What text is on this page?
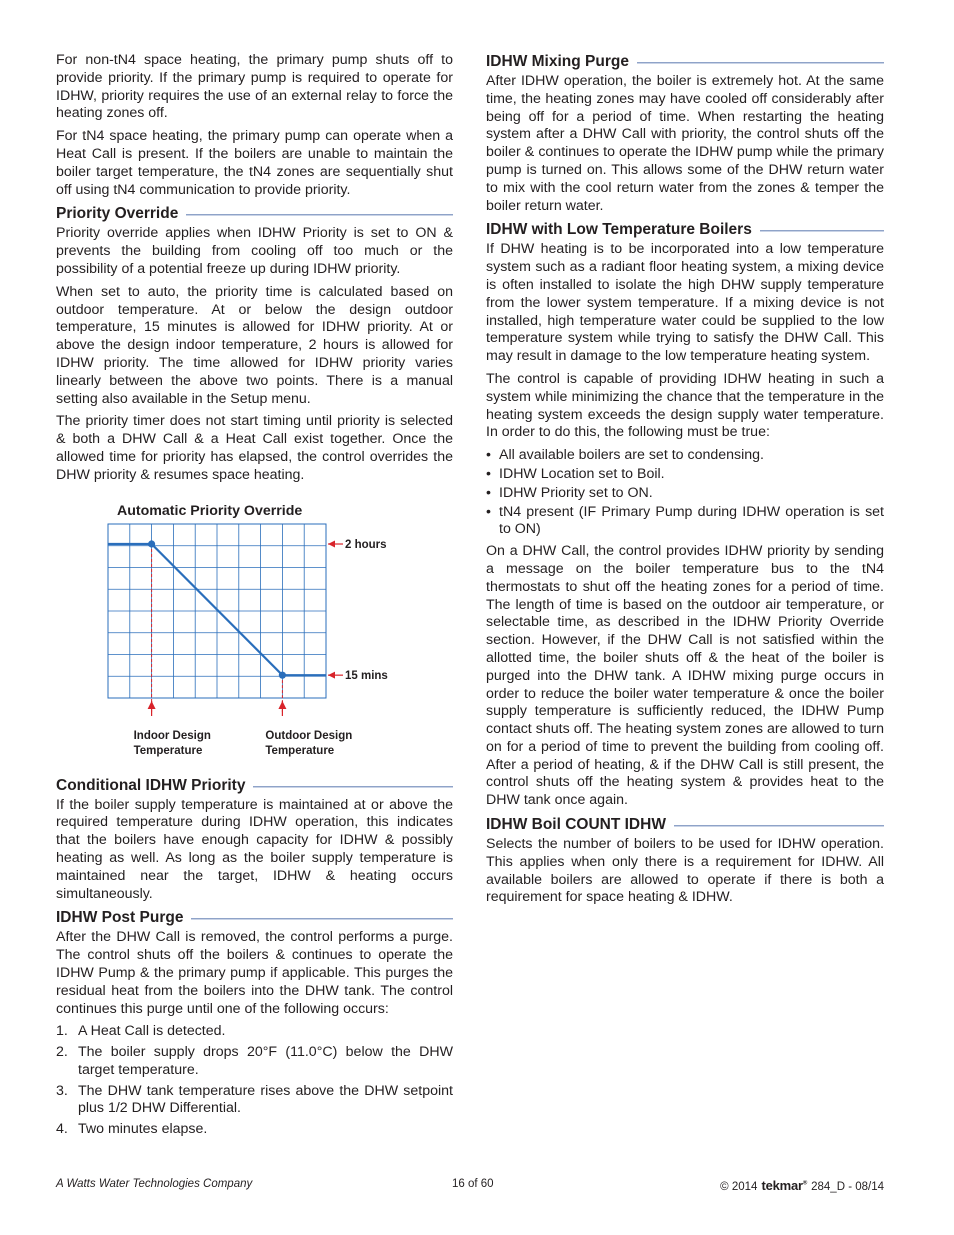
For non-tN4 space heating, the primary pump shuts off to provide priority. If the primary pump is required to operate for IDHW, priority requires the use of an external relay to force the heating zones off.

For tN4 space heating, the primary pump can operate when a Heat Call is present. If the boilers are unable to maintain the boiler target temperature, the tN4 zones are sequentially shut off using tN4 communication to provide priority.

Priority Override

Priority override applies when IDHW Priority is set to ON & prevents the building from cooling off too much or the possibility of a potential freeze up during IDHW priority.

When set to auto, the priority time is calculated based on outdoor temperature. At or below the design outdoor temperature, 15 minutes is allowed for IDHW priority. At or above the design indoor temperature, 2 hours is allowed for IDHW priority. The time allowed for IDHW priority varies linearly between the above two points. There is a manual setting also available in the Setup menu.

The priority timer does not start timing until priority is selected & both a DHW Call & a Heat Call exist together. Once the allowed time for priority has elapsed, the control overrides the DHW priority & resumes space heating.

Automatic Priority Override
2 hours
15 mins
Indoor Design
Temperature
Outdoor Design
Temperature
Conditional IDHW Priority

If the boiler supply temperature is maintained at or above the required temperature during IDHW operation, this indicates that the boilers have enough capacity for IDHW & possibly heating as well. As long as the boiler supply temperature is maintained near the target, IDHW & heating occurs simultaneously.

IDHW Post Purge

After the DHW Call is removed, the control performs a purge. The control shuts off the boilers & continues to operate the IDHW Pump & the primary pump if applicable. This purges the residual heat from the boilers into the DHW tank. The control continues this purge until one of the following occurs:

1. A Heat Call is detected.
2. The boiler supply drops 20°F (11.0°C) below the DHW target temperature.
3. The DHW tank temperature rises above the DHW setpoint plus 1/2 DHW Differential.
4. Two minutes elapse.
IDHW Mixing Purge

After IDHW operation, the boiler is extremely hot. At the same time, the heating zones may have cooled off considerably after being off for a period of time. When restarting the heating system after a DHW Call with priority, the control shuts off the boiler & continues to operate the IDHW pump while the primary pump is turned on. This allows some of the DHW return water to mix with the cool return water from the zones & temper the boiler return water.

IDHW with Low Temperature Boilers

If DHW heating is to be incorporated into a low temperature system such as a radiant floor heating system, a mixing device is often installed to isolate the high DHW supply temperature from the lower system temperature. If a mixing device is not installed, high temperature water could be supplied to the low temperature system while trying to satisfy the DHW Call. This may result in damage to the low temperature heating system.

The control is capable of providing IDHW heating in such a system while minimizing the chance that the temperature in the heating system exceeds the design supply water temperature. In order to do this, the following must be true:

• All available boilers are set to condensing.
• IDHW Location set to Boil.
• IDHW Priority set to ON.
• tN4 present (IF Primary Pump during IDHW operation is set to ON)

On a DHW Call, the control provides IDHW priority by sending a message on the boiler temperature bus to the tN4 thermostats to shut off the heating zones for a period of time. The length of time is based on the outdoor air temperature, or selectable time, as described in the IDHW Priority Override section. However, if the DHW Call is not satisfied within the allotted time, the boiler shuts off & the heat of the boiler is purged into the DHW tank. A IDHW mixing purge occurs in order to reduce the boiler water temperature & once the boiler supply temperature is sufficiently reduced, the IDHW Pump contact shuts off. The heating system zones are allowed to turn on for a period of time to prevent the building from cooling off. After a period of heating, & if the DHW Call is still present, the control shuts off the heating system & provides heat to the DHW tank once again.

IDHW Boil COUNT IDHW

Selects the number of boilers to be used for IDHW operation. This applies when only there is a requirement for IDHW. All available boilers are allowed to operate if there is both a requirement for space heating & IDHW.

A Watts Water Technologies Company	16 of 60	© 2014 tekmar® 284_D - 08/14
